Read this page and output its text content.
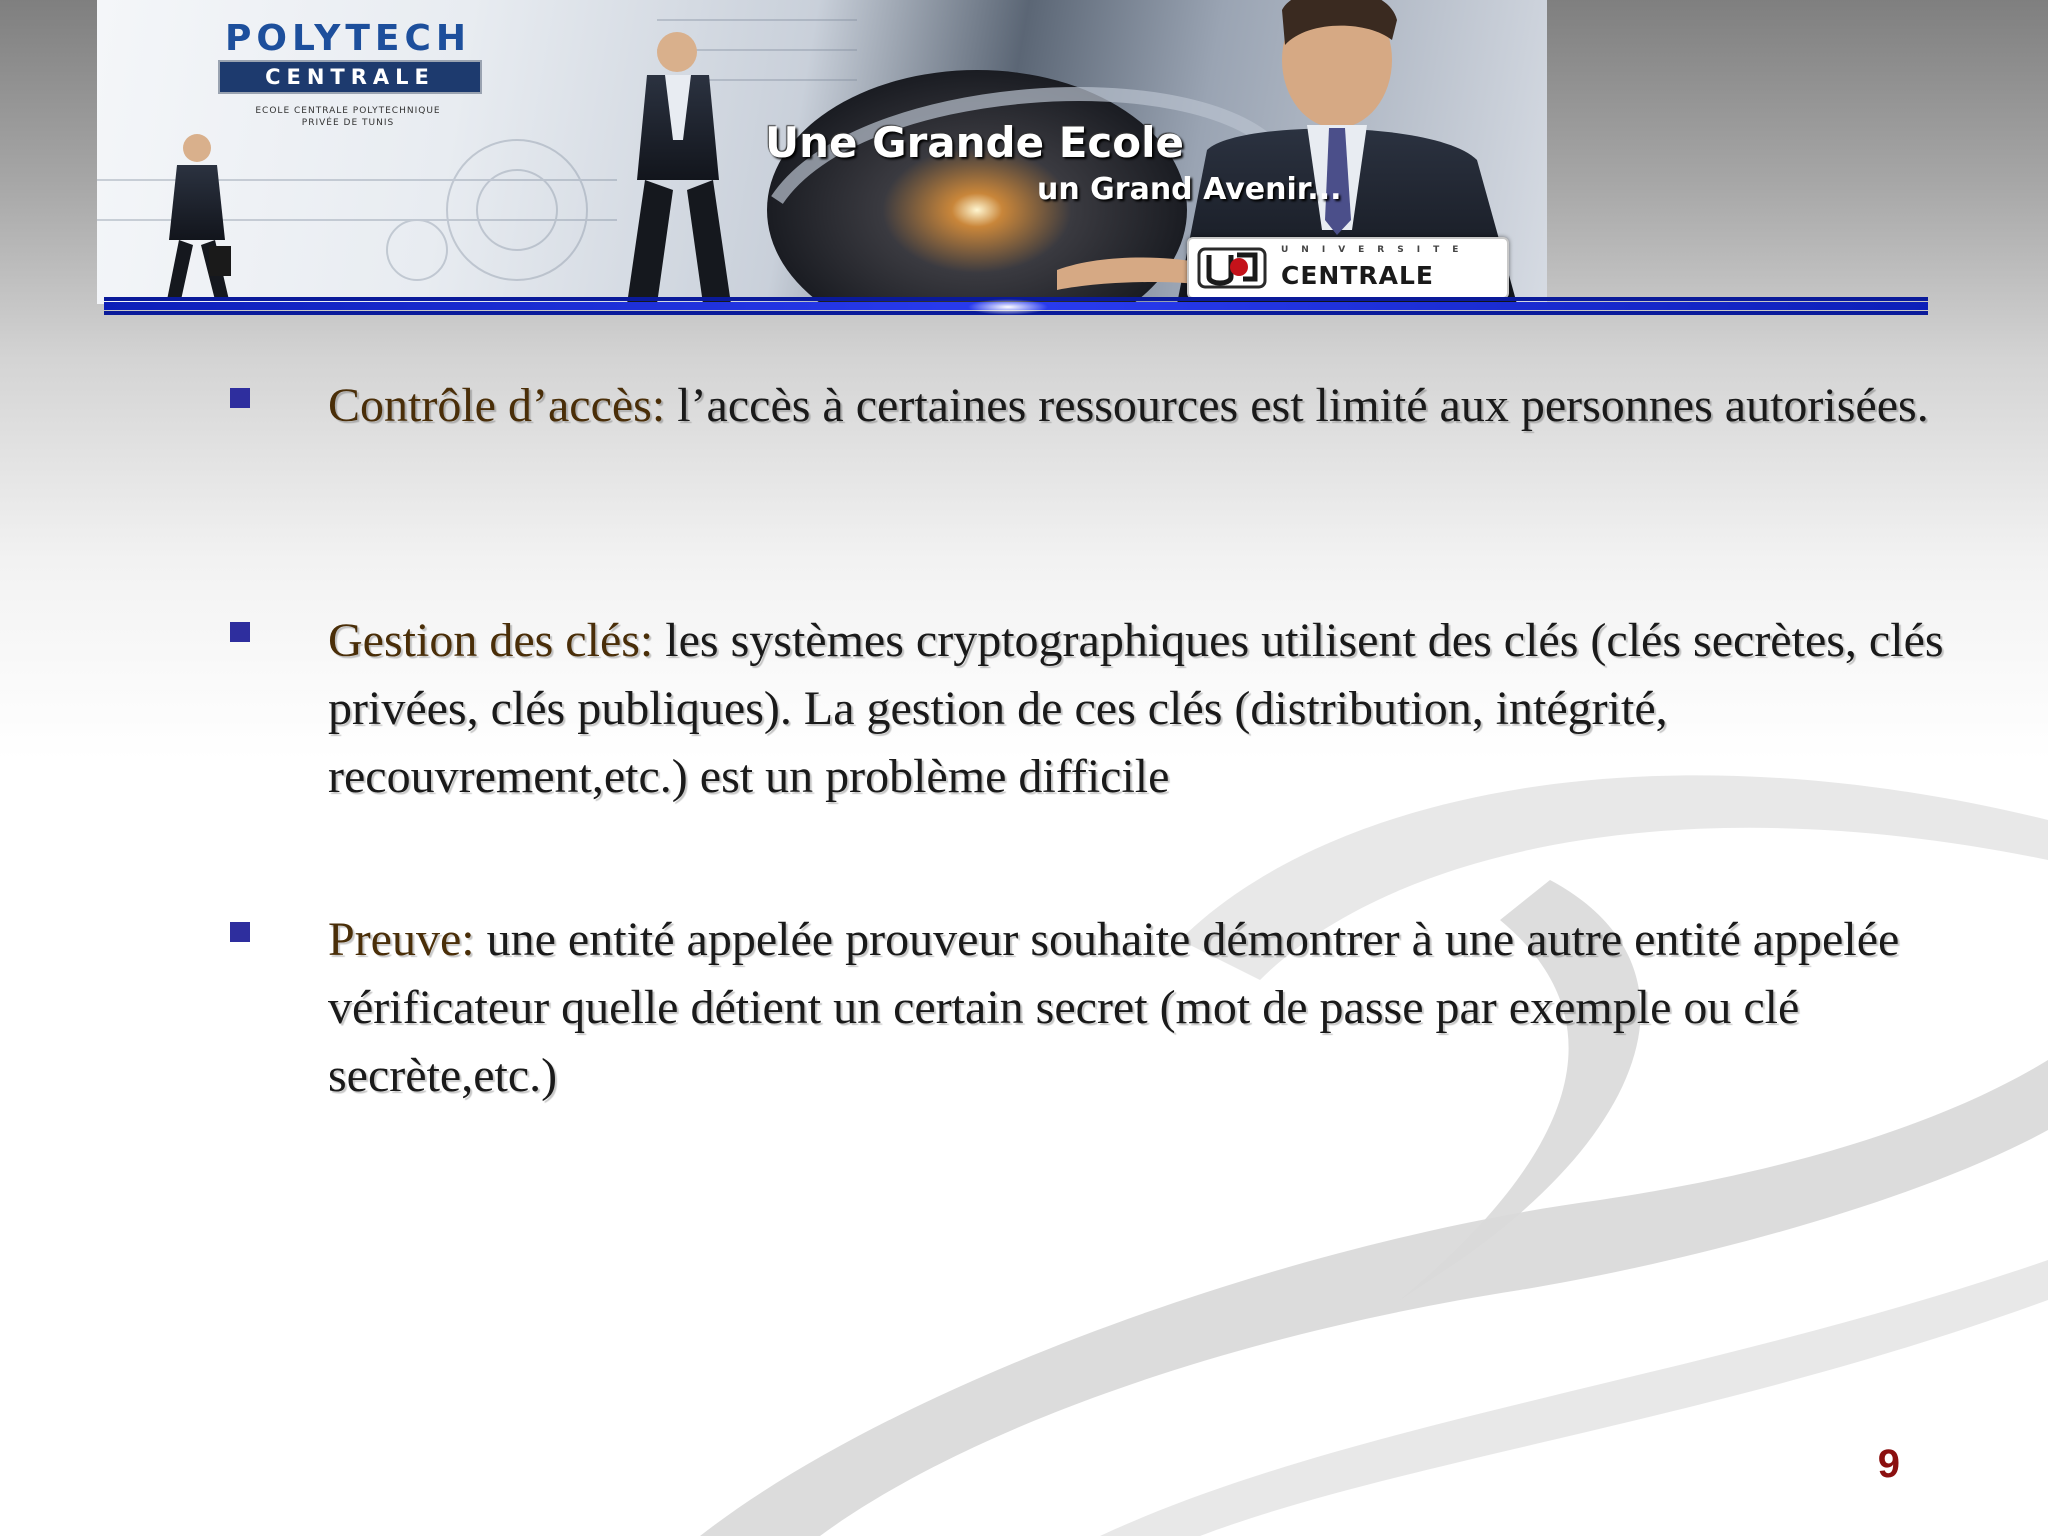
POLYTECH
CENTRALE
ECOLE CENTRALE POLYTECHNIQUE
PRIVÉE DE TUNIS	Une Grande Ecole
un Grand Avenir...
UNIVERSITE
CENTRALE

Contrôle d’accès: l’accès à certaines ressources est limité aux personnes autorisées.

Gestion des clés: les systèmes cryptographiques utilisent des clés (clés secrètes, clés privées, clés publiques). La gestion de ces clés (distribution, intégrité, recouvrement,etc.) est un problème difficile

Preuve: une entité appelée prouveur souhaite démontrer à une autre entité appelée vérificateur quelle détient un certain secret (mot de passe par exemple ou clé secrète,etc.)

9
